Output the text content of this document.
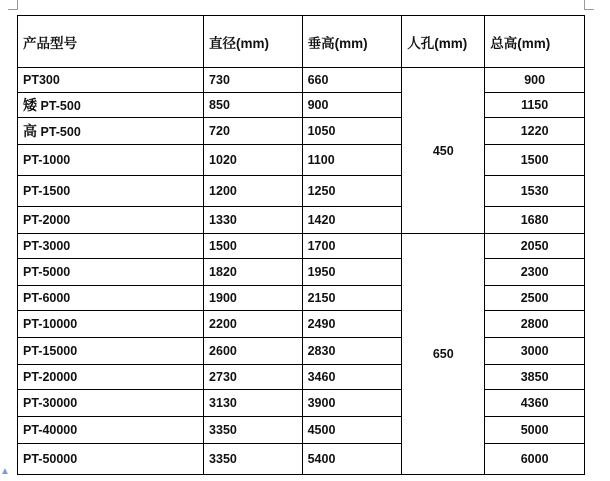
▲
产品型号	直径(mm)	垂高(mm)	人孔(mm)	总高(mm)
PT300	730	660	450	900
矮 PT-500	850	900		1150
高 PT-500	720	1050		1220
PT-1000	1020	1100		1500
PT-1500	1200	1250		1530
PT-2000	1330	1420		1680
PT-3000	1500	1700	650	2050
PT-5000	1820	1950		2300
PT-6000	1900	2150		2500
PT-10000	2200	2490		2800
PT-15000	2600	2830		3000
PT-20000	2730	3460		3850
PT-30000	3130	3900		4360
PT-40000	3350	4500		5000
PT-50000	3350	5400		6000
